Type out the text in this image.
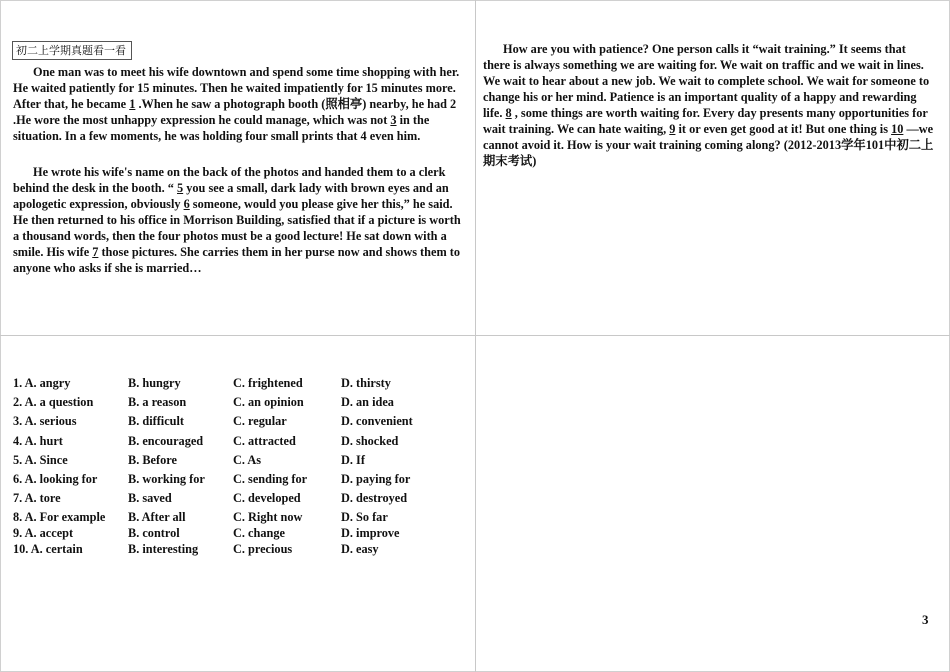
初二上学期真题看一看

One man was to meet his wife downtown and spend some time shopping with her. He waited patiently for 15 minutes. Then he waited impatiently for 15 minutes more. After that, he became 1 .When he saw a photograph booth (照相亭) nearby, he had 2 .He wore the most unhappy expression he could manage, which was not 3 in the situation. In a few moments, he was holding four small prints that 4 even him.

He wrote his wife's name on the back of the photos and handed them to a clerk behind the desk in the booth. “ 5 you see a small, dark lady with brown eyes and an apologetic expression, obviously 6 someone, would you please give her this,” he said. He then returned to his office in Morrison Building, satisfied that if a picture is worth a thousand words, then the four photos must be a good lecture! He sat down with a smile. His wife 7 those pictures. She carries them in her purse now and shows them to anyone who asks if she is married…

How are you with patience? One person calls it “wait training.” It seems that there is always something we are waiting for. We wait on traffic and we wait in lines. We wait to hear about a new job. We wait to complete school. We wait for someone to change his or her mind. Patience is an important quality of a happy and rewarding life. 8 , some things are worth waiting for. Every day presents many opportunities for wait training. We can hate waiting, 9 it or even get good at it! But one thing is 10 —we cannot avoid it. How is your wait training coming along? (2012-2013学年101中初二上期末考试)

1. A. angry	B. hungry	C. frightened	D. thirsty
2. A. a question	B. a reason	C. an opinion	D. an idea
3. A. serious	B. difficult	C. regular	D. convenient
4. A. hurt	B. encouraged C. attracted	D. shocked
5. A. Since	B. Before	C. As	D. If
6. A. looking for B. working for C. sending for	D. paying for
7. A. tore	B. saved	C. developed	D. destroyed
8. A. For example B. After all	C. Right now	D. So far
9. A. accept	B. control	C. change	D. improve
10. A. certain	B. interesting	C. precious	D. easy
3
